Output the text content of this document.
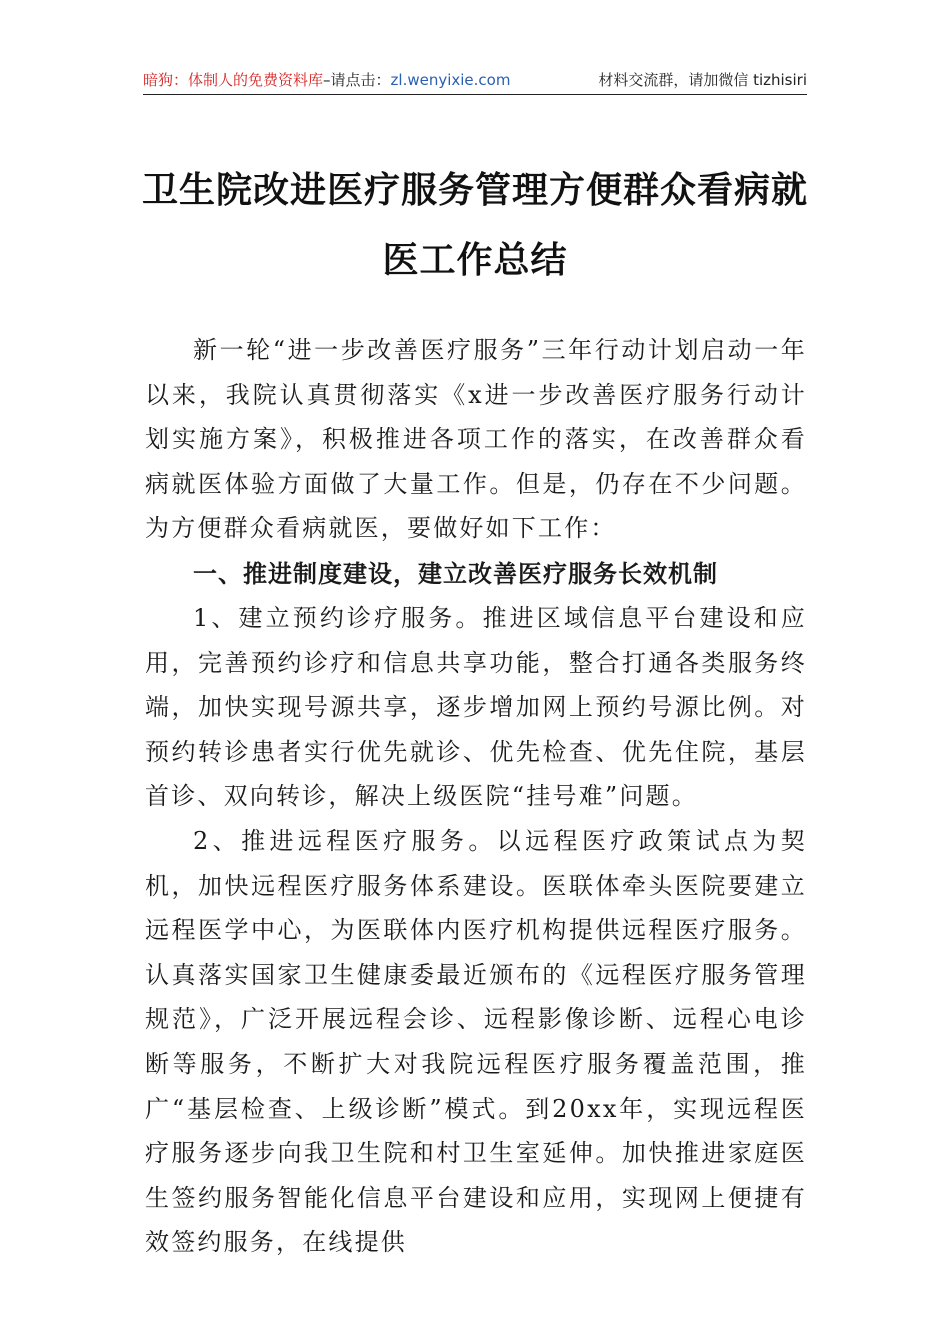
暗狗：体制人的免费资料库–请点击：zl.wenyixie.com	材料交流群，请加微信 tizhisiri
卫生院改进医疗服务管理方便群众看病就
医工作总结
新一轮“进一步改善医疗服务”三年行动计划启动一年以来，我院认真贯彻落实《x进一步改善医疗服务行动计划实施方案》，积极推进各项工作的落实，在改善群众看病就医体验方面做了大量工作。但是，仍存在不少问题。为方便群众看病就医，要做好如下工作：
一、推进制度建设，建立改善医疗服务长效机制
1、建立预约诊疗服务。推进区域信息平台建设和应用，完善预约诊疗和信息共享功能，整合打通各类服务终端，加快实现号源共享，逐步增加网上预约号源比例。对预约转诊患者实行优先就诊、优先检查、优先住院，基层首诊、双向转诊，解决上级医院“挂号难”问题。
2、推进远程医疗服务。以远程医疗政策试点为契机，加快远程医疗服务体系建设。医联体牵头医院要建立远程医学中心，为医联体内医疗机构提供远程医疗服务。认真落实国家卫生健康委最近颁布的《远程医疗服务管理规范》，广泛开展远程会诊、远程影像诊断、远程心电诊断等服务，不断扩大对我院远程医疗服务覆盖范围，推广“基层检查、上级诊断”模式。到20xx年，实现远程医疗服务逐步向我卫生院和村卫生室延伸。加快推进家庭医生签约服务智能化信息平台建设和应用，实现网上便捷有效签约服务，在线提供
